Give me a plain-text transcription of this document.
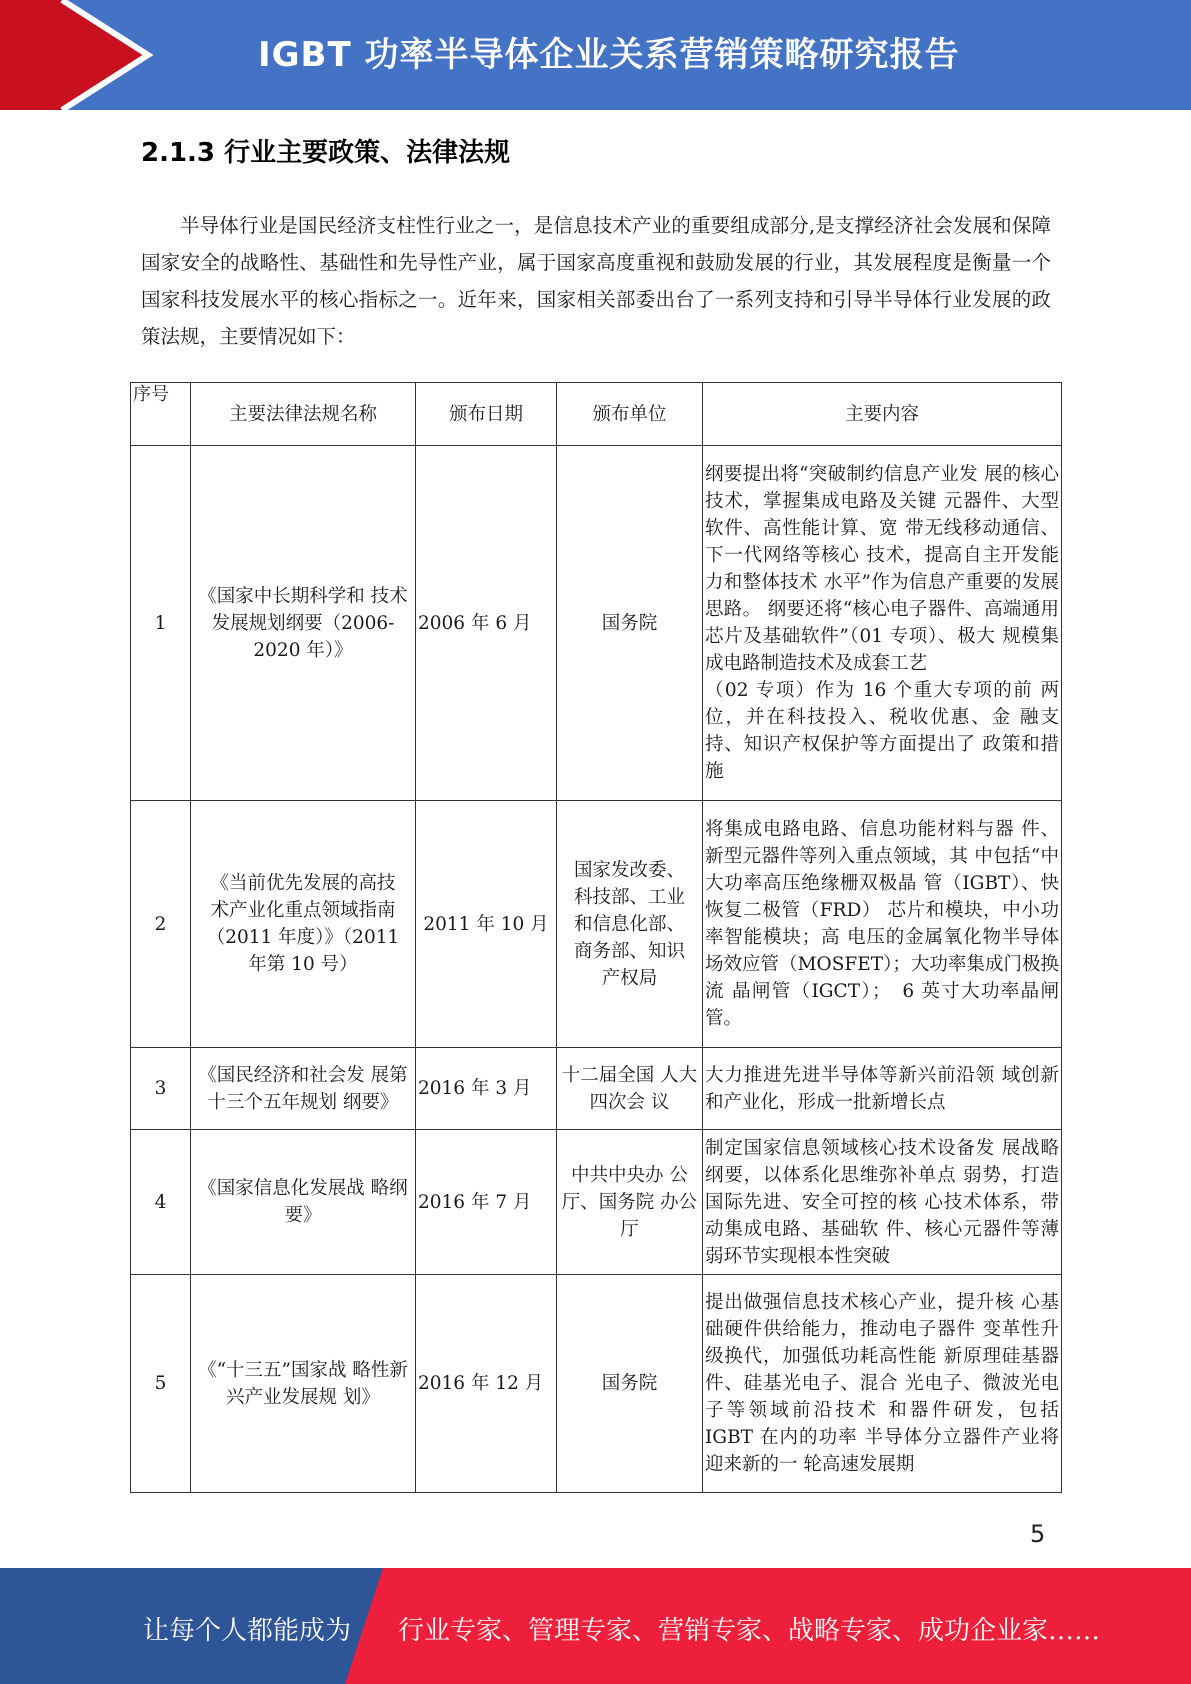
IGBT 功率半导体企业关系营销策略研究报告
2.1.3 行业主要政策、法律法规
半导体行业是国民经济支柱性行业之一，是信息技术产业的重要组成部分,是支撑经济社会发展和保障国家安全的战略性、基础性和先导性产业，属于国家高度重视和鼓励发展的行业，其发展程度是衡量一个国家科技发展水平的核心指标之一。近年来，国家相关部委出台了一系列支持和引导半导体行业发展的政策法规，主要情况如下：
序号	主要法律法规名称	颁布日期	颁布单位	主要内容
1	《国家中长期科学和 技术发展规划纲要（2006-2020 年）》	2006 年 6 月	国务院	纲要提出将“突破制约信息产业发 展的核心技术，掌握集成电路及关键 元器件、大型软件、高性能计算、宽 带无线移动通信、下一代网络等核心 技术，提高自主开发能力和整体技术 水平”作为信息产重要的发展思路。 纲要还将“核心电子器件、高端通用 芯片及基础软件”（01 专项）、极大 规模集成电路制造技术及成套工艺
（02 专项）作为 16 个重大专项的前 两位，并在科技投入、税收优惠、金 融支持、知识产权保护等方面提出了 政策和措施
2	《当前优先发展的高技术产业化重点领域指南（2011 年度）》（2011 年第 10 号）	2011 年 10 月	国家发改委、科技部、工业和信息化部、商务部、知识产权局	将集成电路电路、信息功能材料与器 件、新型元器件等列入重点领域，其 中包括“中大功率高压绝缘栅双极晶 管（IGBT）、快恢复二极管（FRD） 芯片和模块，中小功率智能模块；高 电压的金属氧化物半导体场效应管（MOSFET）；大功率集成门极换流 晶闸管（IGCT）；　6 英寸大功率晶闸管。
3	《国民经济和社会发 展第十三个五年规划 纲要》	2016 年 3 月	十二届全国 人大四次会 议	大力推进先进半导体等新兴前沿领 域创新和产业化，形成一批新增长点
4	《国家信息化发展战 略纲要》	2016 年 7 月	中共中央办 公厅、国务院 办公厅	制定国家信息领域核心技术设备发 展战略纲要，以体系化思维弥补单点 弱势，打造国际先进、安全可控的核 心技术体系，带动集成电路、基础软 件、核心元器件等薄弱环节实现根本性突破
5	《“十三五”国家战 略性新兴产业发展规 划》	2016 年 12 月	国务院	提出做强信息技术核心产业，提升核 心基础硬件供给能力，推动电子器件 变革性升级换代，加强低功耗高性能 新原理硅基器件、硅基光电子、混合 光电子、微波光电子等领域前沿技术 和器件研发，包括 IGBT 在内的功率 半导体分立器件产业将迎来新的一 轮高速发展期
5
让每个人都能成为 行业专家、管理专家、营销专家、战略专家、成功企业家……
